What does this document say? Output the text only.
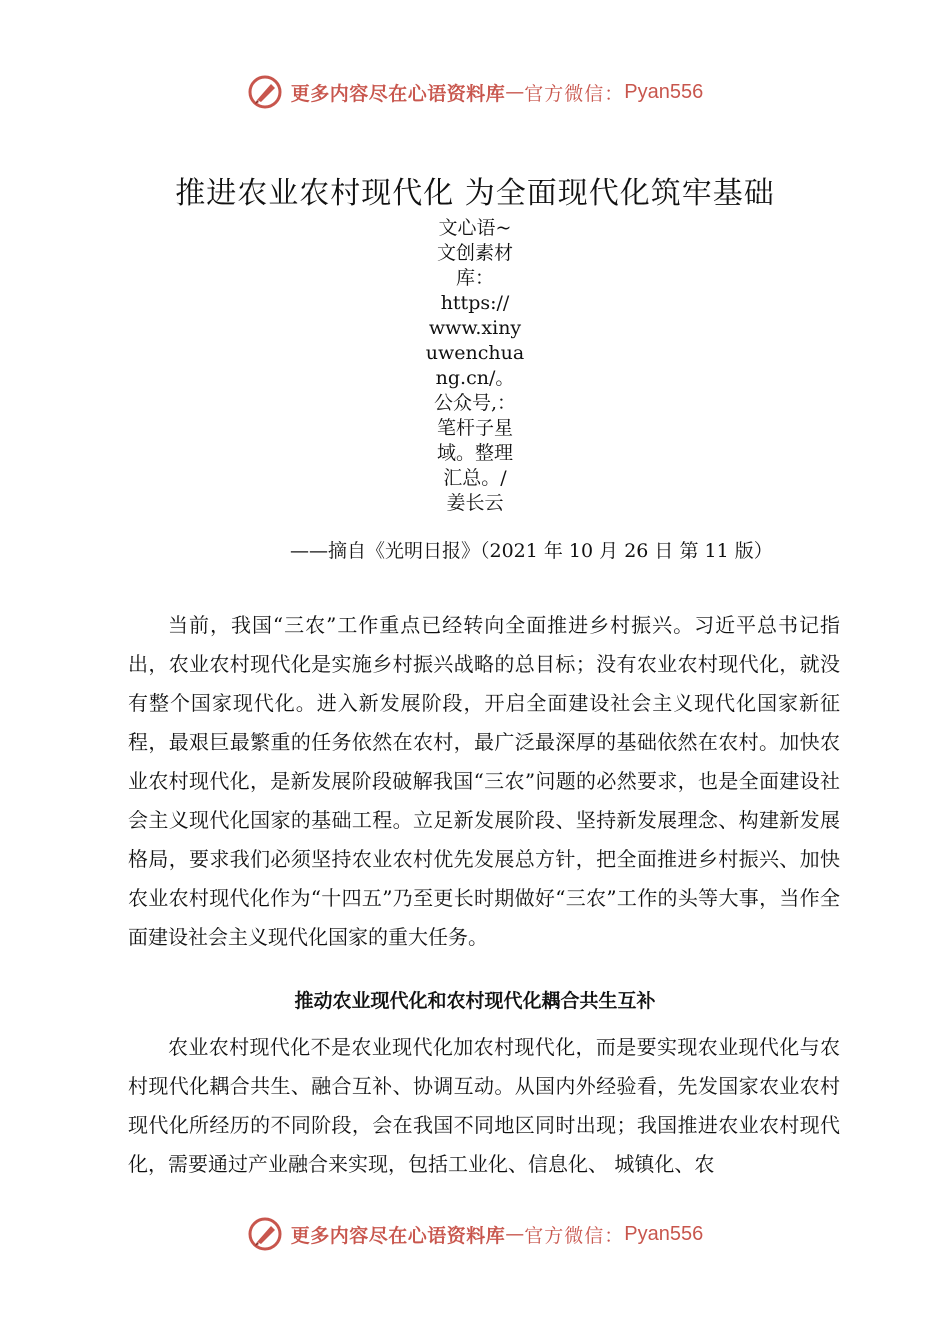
更多内容尽在心语资料库 — 官方微信： Pyan556
推进农业农村现代化 为全面现代化筑牢基础
文心语~
文创素材
库：
https://
www.xiny
uwenchua
ng.cn/。
公众号,：
笔杆子星
域。整理
汇总。/
姜长云
——摘自《光明日报》（2021 年 10 月 26 日 第 11 版）

当前，我国“三农”工作重点已经转向全面推进乡村振兴。习近平总书记指出，农业农村现代化是实施乡村振兴战略的总目标；没有农业农村现代化，就没有整个国家现代化。进入新发展阶段，开启全面建设社会主义现代化国家新征程，最艰巨最繁重的任务依然在农村，最广泛最深厚的基础依然在农村。加快农业农村现代化，是新发展阶段破解我国“三农”问题的必然要求，也是全面建设社会主义现代化国家的基础工程。立足新发展阶段、坚持新发展理念、构建新发展格局，要求我们必须坚持农业农村优先发展总方针，把全面推进乡村振兴、加快农业农村现代化作为“十四五”乃至更长时期做好“三农”工作的头等大事，当作全面建设社会主义现代化国家的重大任务。

推动农业现代化和农村现代化耦合共生互补

农业农村现代化不是农业现代化加农村现代化，而是要实现农业现代化与农村现代化耦合共生、融合互补、协调互动。从国内外经验看，先发国家农业农村现代化所经历的不同阶段，会在我国不同地区同时出现；我国推进农业农村现代化，需要通过产业融合来实现，包括工业化、信息化、 城镇化、农

更多内容尽在心语资料库 — 官方微信： Pyan556
